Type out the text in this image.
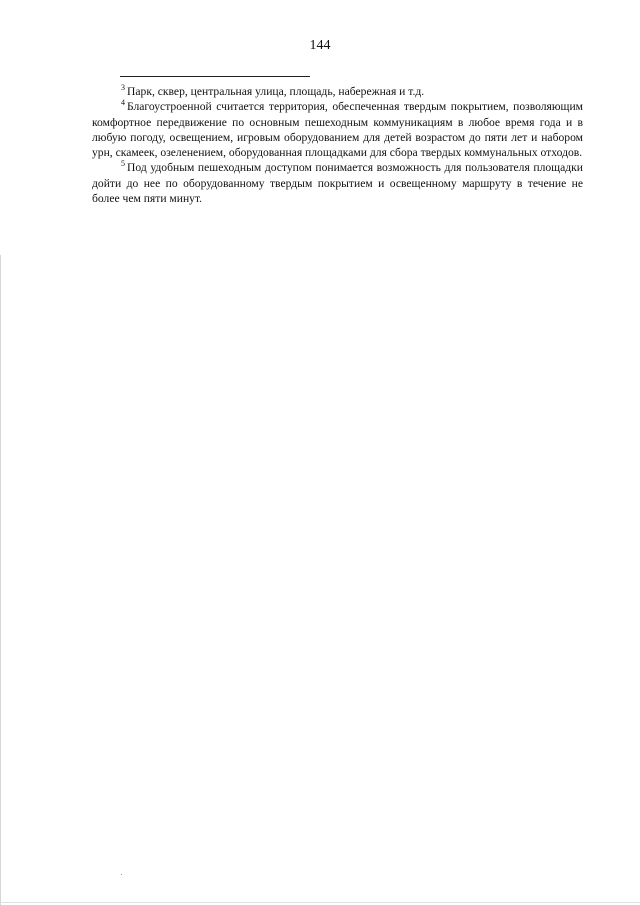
144

$^3$ Парк, сквер, центральная улица, площадь, набережная и т.д.

$^4$ Благоустроенной считается территория, обеспеченная твердым покрытием, позволяющим комфортное передвижение по основным пешеходным коммуникациям в любое время года и в любую погоду, освещением, игровым оборудованием для детей возрастом до пяти лет и набором урн, скамеек, озеленением, оборудованная площадками для сбора твердых коммунальных отходов.

$^5$ Под удобным пешеходным доступом понимается возможность для пользователя площадки дойти до нее по оборудованному твердым покрытием и освещенному маршруту в течение не более чем пяти минут.
